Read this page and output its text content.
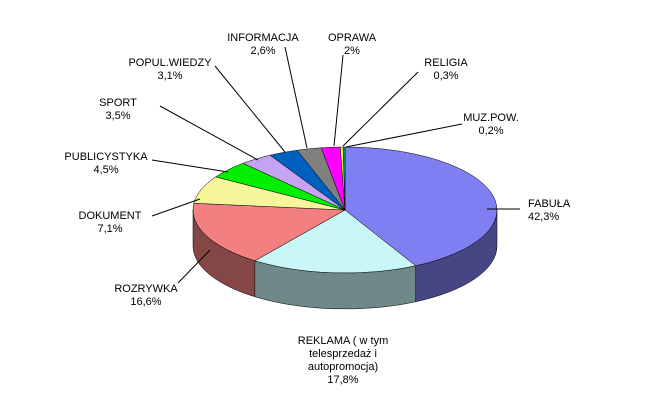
FABUŁA 42,3%
REKLAMA ( w tym telesprzedaż i autopromocja) 17,8%
ROZRYWKA 16,6%
DOKUMENT 7,1%
PUBLICYSTYKA 4,5%
SPORT 3,5%
POPUL.WIEDZY 3,1%
INFORMACJA 2,6%
OPRAWA 2%
RELIGIA 0,3%
MUZ.POW. 0,2%
